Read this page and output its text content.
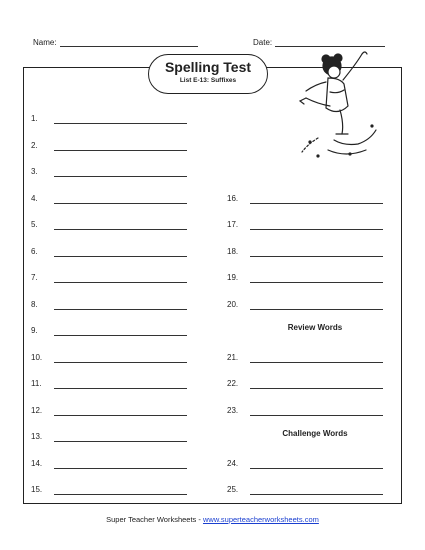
Name:	Date:
Spelling Test
List E-13: Suffixes
1.
2.
3.
4.
5.
6.
7.
8.
9.
10.
11.
12.
13.
14.
15.
16.
17.
18.
19.
20.
21.
22.
23.
24.
25.
Review Words
Challenge Words
Super Teacher Worksheets - www.superteacherworksheets.com
